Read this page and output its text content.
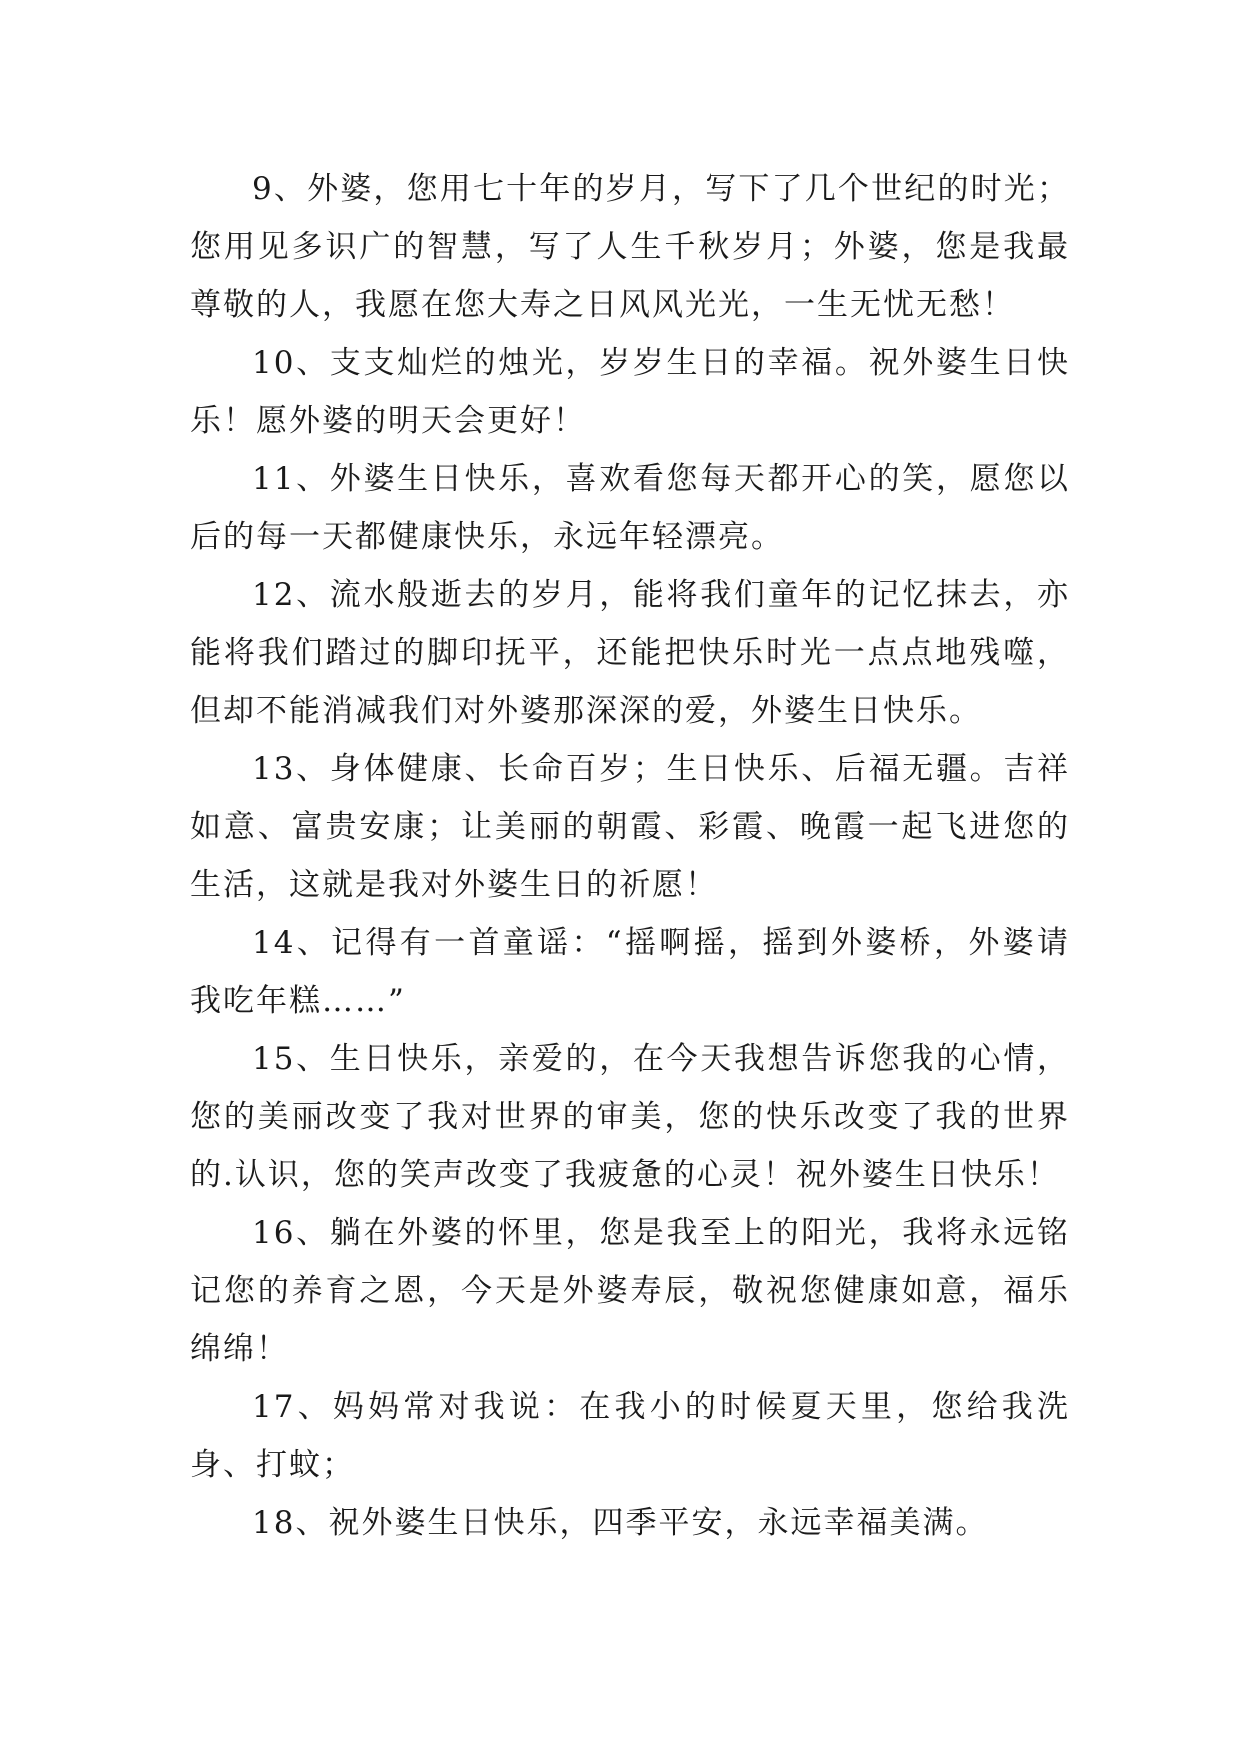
9、外婆，您用七十年的岁月，写下了几个世纪的时光；您用见多识广的智慧，写了人生千秋岁月；外婆，您是我最尊敬的人，我愿在您大寿之日风风光光，一生无忧无愁！

10、支支灿烂的烛光，岁岁生日的幸福。祝外婆生日快乐！愿外婆的明天会更好！

11、外婆生日快乐，喜欢看您每天都开心的笑，愿您以后的每一天都健康快乐，永远年轻漂亮。

12、流水般逝去的岁月，能将我们童年的记忆抹去，亦能将我们踏过的脚印抚平，还能把快乐时光一点点地残噬，但却不能消减我们对外婆那深深的爱，外婆生日快乐。

13、身体健康、长命百岁；生日快乐、后福无疆。吉祥如意、富贵安康；让美丽的朝霞、彩霞、晚霞一起飞进您的生活，这就是我对外婆生日的祈愿！

14、记得有一首童谣：“摇啊摇，摇到外婆桥，外婆请我吃年糕……”

15、生日快乐，亲爱的，在今天我想告诉您我的心情，您的美丽改变了我对世界的审美，您的快乐改变了我的世界的.认识，您的笑声改变了我疲惫的心灵！祝外婆生日快乐！

16、躺在外婆的怀里，您是我至上的阳光，我将永远铭记您的养育之恩，今天是外婆寿辰，敬祝您健康如意，福乐绵绵！

17、妈妈常对我说：在我小的时候夏天里，您给我洗身、打蚊；

18、祝外婆生日快乐，四季平安，永远幸福美满。
